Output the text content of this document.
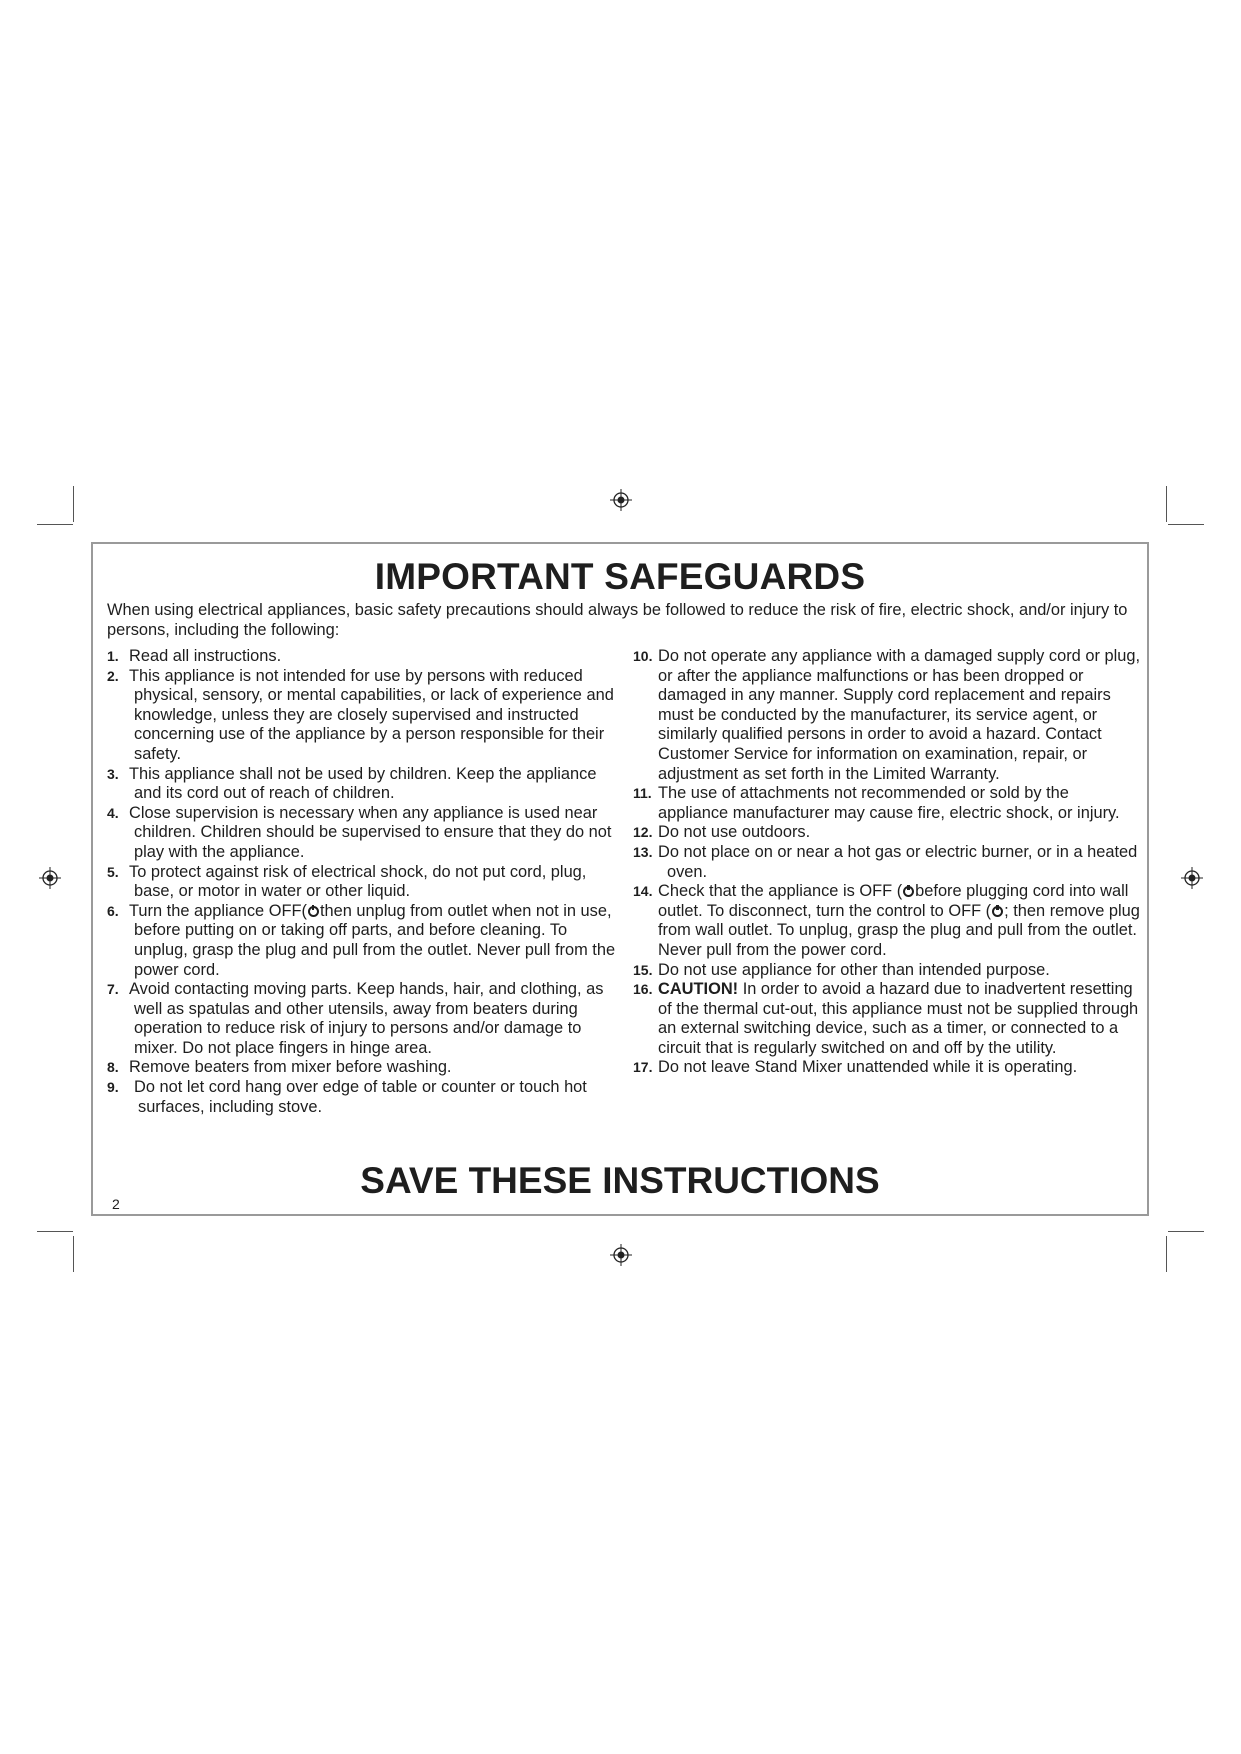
IMPORTANT SAFEGUARDS
When using electrical appliances, basic safety precautions should always be followed to reduce the risk of fire, electric shock, and/or injury to persons, including the following:
1. Read all instructions.
2. This appliance is not intended for use by persons with reduced physical, sensory, or mental capabilities, or lack of experience and knowledge, unless they are closely supervised and instructed concerning use of the appliance by a person responsible for their safety.
3. This appliance shall not be used by children. Keep the appliance and its cord out of reach of children.
4. Close supervision is necessary when any appliance is used near children. Children should be supervised to ensure that they do not play with the appliance.
5. To protect against risk of electrical shock, do not put cord, plug, base, or motor in water or other liquid.
6. Turn the appliance OFF( then unplug from outlet when not in use, before putting on or taking off parts, and before cleaning. To unplug, grasp the plug and pull from the outlet. Never pull from the power cord.
7. Avoid contacting moving parts. Keep hands, hair, and clothing, as well as spatulas and other utensils, away from beaters during operation to reduce risk of injury to persons and/or damage to mixer. Do not place fingers in hinge area.
8. Remove beaters from mixer before washing.
9. Do not let cord hang over edge of table or counter or touch hot surfaces, including stove.
10. Do not operate any appliance with a damaged supply cord or plug, or after the appliance malfunctions or has been dropped or damaged in any manner. Supply cord replacement and repairs must be conducted by the manufacturer, its service agent, or similarly qualified persons in order to avoid a hazard. Contact Customer Service for information on examination, repair, or adjustment as set forth in the Limited Warranty.
11. The use of attachments not recommended or sold by the appliance manufacturer may cause fire, electric shock, or injury.
12. Do not use outdoors.
13. Do not place on or near a hot gas or electric burner, or in a heated oven.
14. Check that the appliance is OFF ( before plugging cord into wall outlet. To disconnect, turn the control to OFF ( ; then remove plug from wall outlet. To unplug, grasp the plug and pull from the outlet. Never pull from the power cord.
15. Do not use appliance for other than intended purpose.
16. CAUTION! In order to avoid a hazard due to inadvertent resetting of the thermal cut-out, this appliance must not be supplied through an external switching device, such as a timer, or connected to a circuit that is regularly switched on and off by the utility.
17. Do not leave Stand Mixer unattended while it is operating.
SAVE THESE INSTRUCTIONS
2
